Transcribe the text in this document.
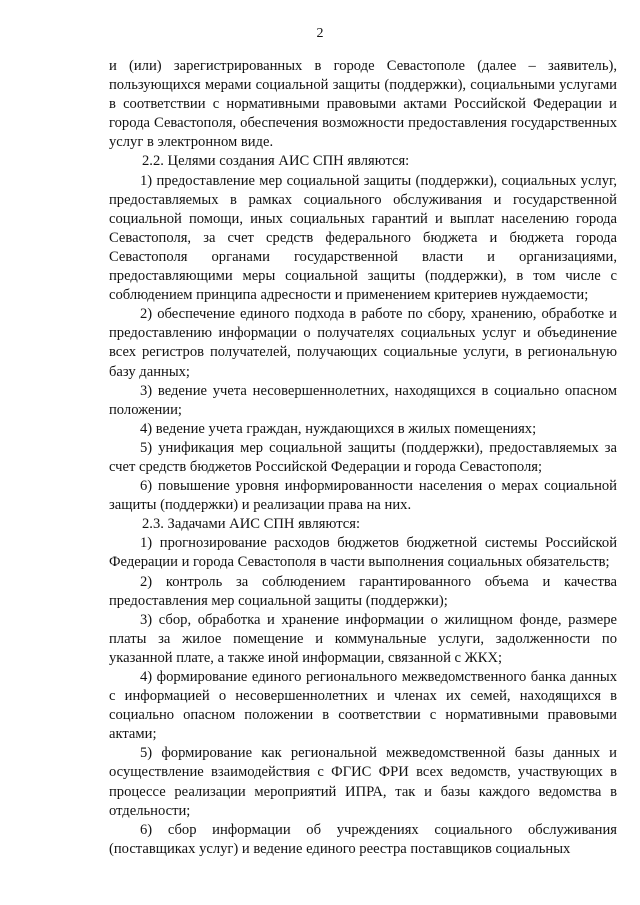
2

и (или) зарегистрированных в городе Севастополе (далее – заявитель), пользующихся мерами социальной защиты (поддержки), социальными услугами в соответствии с нормативными правовыми актами Российской Федерации и города Севастополя, обеспечения возможности предоставления государственных услуг в электронном виде.

2.2. Целями создания АИС СПН являются:

1) предоставление мер социальной защиты (поддержки), социальных услуг, предоставляемых в рамках социального обслуживания и государственной социальной помощи, иных социальных гарантий и выплат населению города Севастополя, за счет средств федерального бюджета и бюджета города Севастополя органами государственной власти и организациями, предоставляющими меры социальной защиты (поддержки), в том числе с соблюдением принципа адресности и применением критериев нуждаемости;

2) обеспечение единого подхода в работе по сбору, хранению, обработке и предоставлению информации о получателях социальных услуг и объединение всех регистров получателей, получающих социальные услуги, в региональную базу данных;

3) ведение учета несовершеннолетних, находящихся в социально опасном положении;

4) ведение учета граждан, нуждающихся в жилых помещениях;

5) унификация мер социальной защиты (поддержки), предоставляемых за счет средств бюджетов Российской Федерации и города Севастополя;

6) повышение уровня информированности населения о мерах социальной защиты (поддержки) и реализации права на них.

2.3. Задачами АИС СПН являются:

1) прогнозирование расходов бюджетов бюджетной системы Российской Федерации и города Севастополя в части выполнения социальных обязательств;

2) контроль за соблюдением гарантированного объема и качества предоставления мер социальной защиты (поддержки);

3) сбор, обработка и хранение информации о жилищном фонде, размере платы за жилое помещение и коммунальные услуги, задолженности по указанной плате, а также иной информации, связанной с ЖКХ;

4) формирование единого регионального межведомственного банка данных с информацией о несовершеннолетних и членах их семей, находящихся в социально опасном положении в соответствии с нормативными правовыми актами;

5) формирование как региональной межведомственной базы данных и осуществление взаимодействия с ФГИС ФРИ всех ведомств, участвующих в процессе реализации мероприятий ИПРА, так и базы каждого ведомства в отдельности;

6) сбор информации об учреждениях социального обслуживания (поставщиках услуг) и ведение единого реестра поставщиков социальных
